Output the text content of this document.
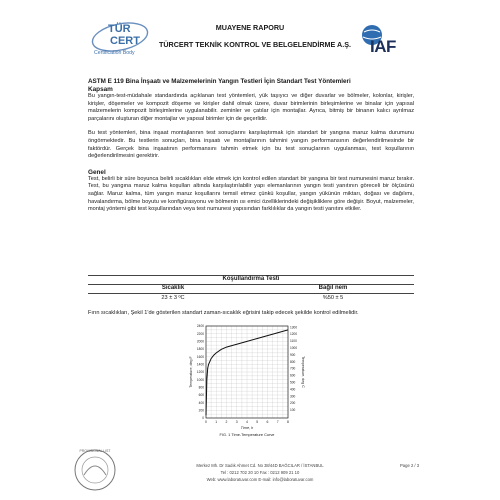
TÜR
CERT
Certification Body
MUAYENE RAPORU
TÜRCERT TEKNİK KONTROL VE BELGELENDİRME A.Ş.	IAF
ASTM E 119 Bina İnşaatı ve Malzemelerinin Yangın Testleri İçin Standart Test Yöntemleri
Kapsam

Bu yangın-test-müdahale standardında açıklanan test yöntemleri, yük taşıyıcı ve diğer duvarlar ve bölmeler, kolonlar, kirişler, kirişler, döşemeler ve kompozit döşeme ve kirişler dahil olmak üzere, duvar birimlerinin birleşimlerine ve binalar için yapısal malzemelerin kompozit birleşimlerine uygulanabilir. zeminler ve çatılar için montajlar. Ayrıca, bitmiş bir binanın kalıcı ayrılmaz parçalarını oluşturan diğer montajlar ve yapısal birimler için de geçerlidir.

Bu test yöntemleri, bina inşaat montajlarının test sonuçlarını karşılaştırmak için standart bir yangına maruz kalma durumunu öngörmektedir. Bu testlerin sonuçları, bina inşaatı ve montajlarının tahmini yangın performansının değerlendirilmesinde bir faktördür. Gerçek bina inşaatının performansını tahmin etmek için bu test sonuçlarının uygulanması, test koşullarının değerlendirilmesini gerektirir.

Genel

Test, belirli bir süre boyunca belirli sıcaklıkları elde etmek için kontrol edilen standart bir yangına bir test numunesini maruz bırakır. Test, bu yangına maruz kalma koşulları altında karşılaştırılabilir yapı elemanlarının yangın testi yanıtının göreceli bir ölçüsünü sağlar. Maruz kalma, tüm yangın maruz koşullarını temsil etmez çünkü koşullar, yangın yükünün miktarı, doğası ve dağılımı, havalandırma, bölme boyutu ve konfigürasyonu ve bölmenin ısı emici özelliklerindeki değişikliklere göre değişir. Boyut, malzemeler, montaj yöntemi gibi test koşullarından veya test numunesi yapısından farklılıklar da yangın testi yanıtını etkiler.

Koşullandırma Testi
Sıcaklık	Bağıl nem
23 ± 3 ºC	%50 ± 5
Fırın sıcaklıkları, Şekil 1'de gösterilen standart zaman-sıcaklık eğrisini takip edecek şekilde kontrol edilmelidir.
0 1 2 3 4 5 6 7 8
0
200
400
600
800
1000
1200
1400
1600
1800
2000
2200
2400
100
200
300
400
500
600
700
800
900
1000
1100
1200
1300
Time, h
Temperature, deg F	Temperature, deg C
FIG. 1 Time-Temperature Curve
PROVISIONAL LIST
Merkez Mh. Dr Sadık Ahmet Cd. No 38/44D BAĞCILAR / İSTANBUL
Tel : 0212 702 20 10 Fax : 0212 909 21 10
Web: www.laboratuvar.com E-mail: info@laboratuvar.com
Page 2 / 3
